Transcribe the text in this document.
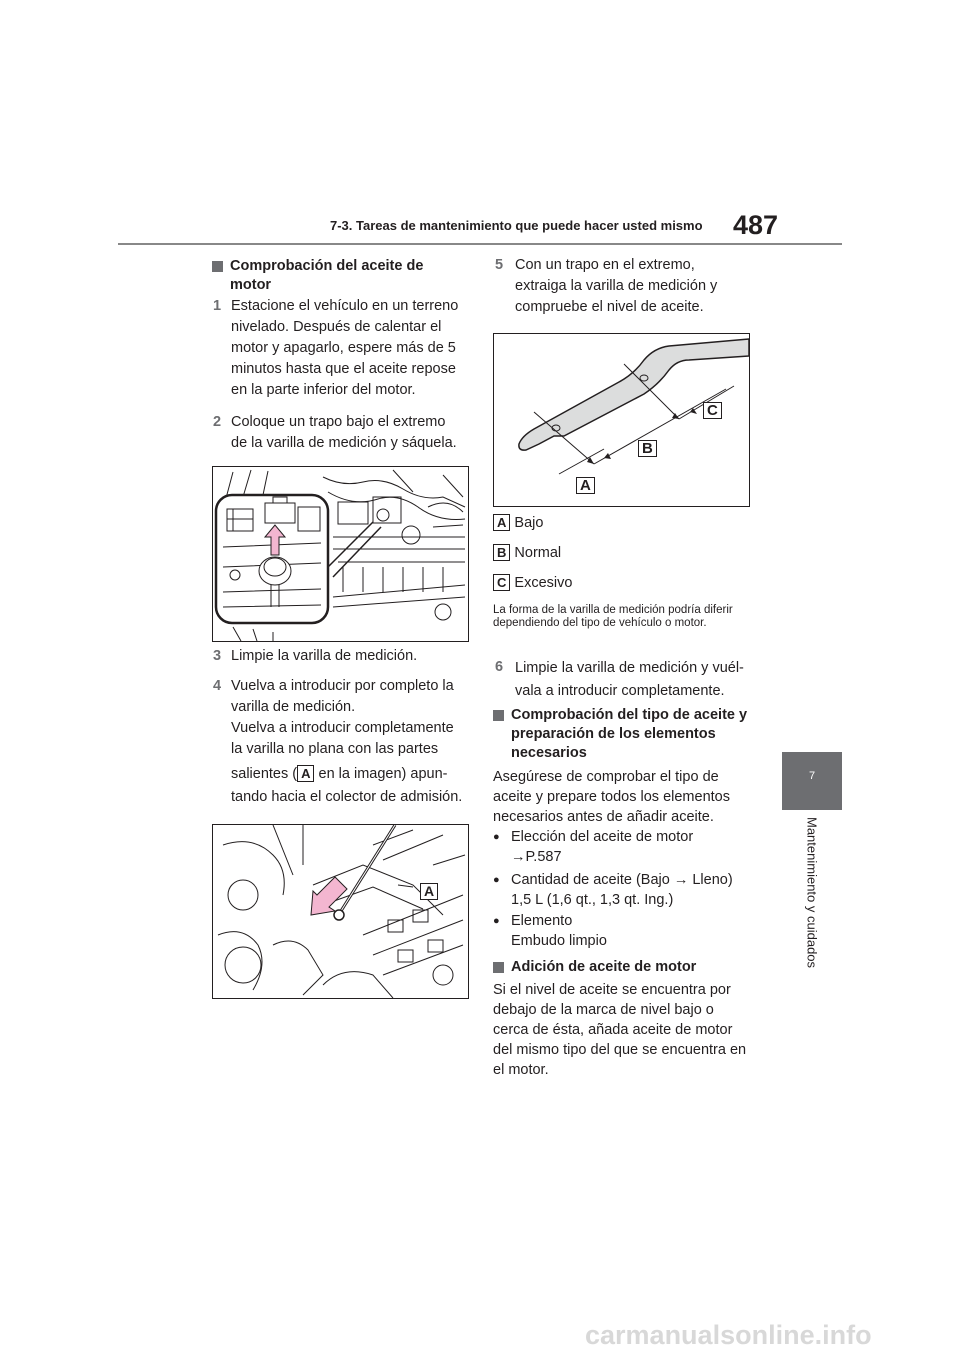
7-3. Tareas de mantenimiento que puede hacer usted mismo 487
7
Mantenimiento y cuidados
Comprobación del aceite de motor
1 Estacione el vehículo en un terreno nivelado. Después de calentar el motor y apagarlo, espere más de 5 minutos hasta que el aceite repose en la parte inferior del motor.
2 Coloque un trapo bajo el extremo de la varilla de medición y sáquela.
3 Limpie la varilla de medición.
4 Vuelva a introducir por completo la varilla de medición.
Vuelva a introducir completamente la varilla no plana con las partes
salientes ( A en la imagen) apun-
tando hacia el colector de admisión.
A
5 Con un trapo en el extremo, extraiga la varilla de medición y compruebe el nivel de aceite.
C
B
A
A Bajo
B Normal
C Excesivo
La forma de la varilla de medición podría diferir dependiendo del tipo de vehículo o motor.
6 Limpie la varilla de medición y vuél- vala a introducir completamente.
Comprobación del tipo de aceite y preparación de los elementos necesarios
Asegúrese de comprobar el tipo de aceite y prepare todos los elementos necesarios antes de añadir aceite.
● Elección del aceite de motor
→P.587
● Cantidad de aceite (Bajo → Lleno)
1,5 L (1,6 qt., 1,3 qt. Ing.)
● Elemento
Embudo limpio
Adición de aceite de motor
Si el nivel de aceite se encuentra por debajo de la marca de nivel bajo o cerca de ésta, añada aceite de motor del mismo tipo del que se encuentra en el motor.
carmanualsonline.info
